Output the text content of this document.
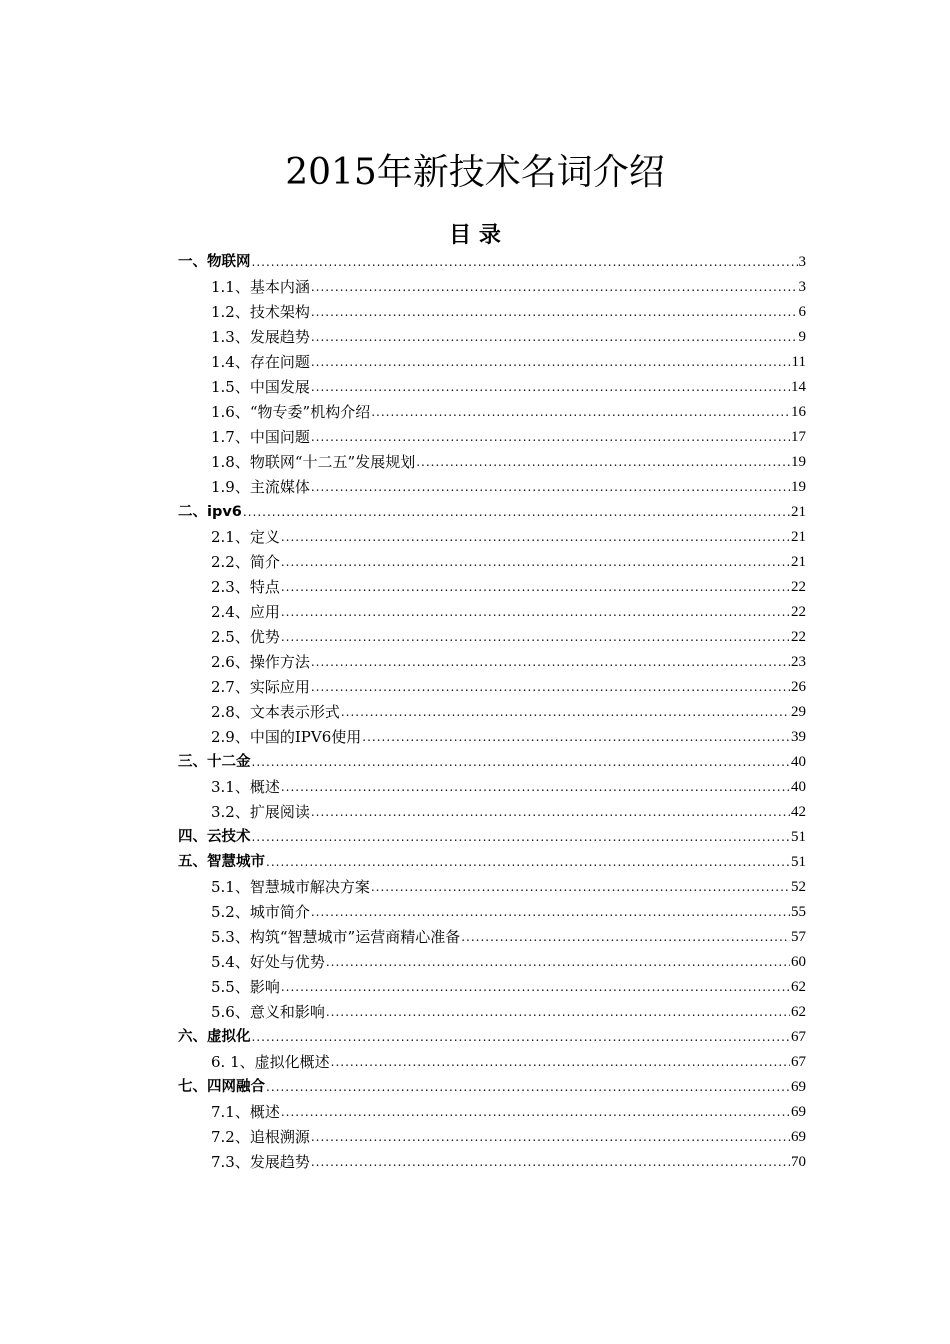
2015年新技术名词介绍
目 录
一、物联网 .....	3
1.1、基本内涵 .....	3
1.2、技术架构 .....	6
1.3、发展趋势 .....	9
1.4、存在问题 .....	11
1.5、中国发展 .....	14
1.6、“物专委”机构介绍 .....	16
1.7、中国问题 .....	17
1.8、物联网“十二五”发展规划 .....	19
1.9、主流媒体 .....	19
二、ipv6 .....	21
2.1、定义 .....	21
2.2、简介 .....	21
2.3、特点 .....	22
2.4、应用 .....	22
2.5、优势 .....	22
2.6、操作方法 .....	23
2.7、实际应用 .....	26
2.8、文本表示形式 .....	29
2.9、中国的IPV6使用 .....	39
三、十二金 .....	40
3.1、概述 .....	40
3.2、扩展阅读 .....	42
四、云技术 .....	51
五、智慧城市 .....	51
5.1、智慧城市解决方案 .....	52
5.2、城市简介 .....	55
5.3、构筑“智慧城市”运营商精心准备 .....	57
5.4、好处与优势 .....	60
5.5、影响 .....	62
5.6、意义和影响 .....	62
六、虚拟化 .....	67
6. 1、虚拟化概述 .....	67
七、四网融合 .....	69
7.1、概述 .....	69
7.2、追根溯源 .....	69
7.3、发展趋势 .....	70
